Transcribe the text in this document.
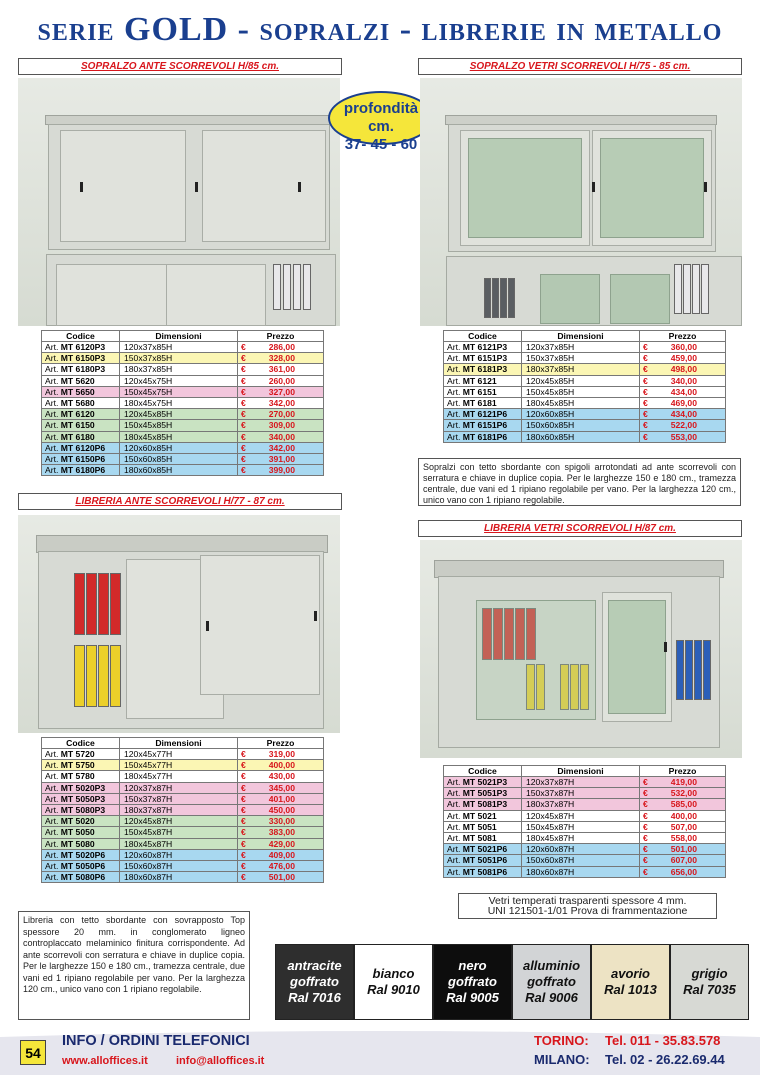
serie GOLD - sopralzi - librerie in metallo
SOPRALZO ANTE SCORREVOLI H/85 cm.	SOPRALZO VETRI SCORREVOLI H/75 - 85 cm.
profondità cm.
37- 45 - 60
Codice	Dimensioni	Prezzo
Art. MT 6120P3	120x37x85H	€ 286,00
Art. MT 6150P3	150x37x85H	€ 328,00
Art. MT 6180P3	180x37x85H	€ 361,00
Art. MT 5620	120x45x75H	€ 260,00
Art. MT 5650	150x45x75H	€ 327,00
Art. MT 5680	180x45x75H	€ 342,00
Art. MT 6120	120x45x85H	€ 270,00
Art. MT 6150	150x45x85H	€ 309,00
Art. MT 6180	180x45x85H	€ 340,00
Art. MT 6120P6	120x60x85H	€ 342,00
Art. MT 6150P6	150x60x85H	€ 391,00
Art. MT 6180P6	180x60x85H	€ 399,00
Codice	Dimensioni	Prezzo
Art. MT 6121P3	120x37x85H	€ 360,00
Art. MT 6151P3	150x37x85H	€ 459,00
Art. MT 6181P3	180x37x85H	€ 498,00
Art. MT 6121	120x45x85H	€ 340,00
Art. MT 6151	150x45x85H	€ 434,00
Art. MT 6181	180x45x85H	€ 469,00
Art. MT 6121P6	120x60x85H	€ 434,00
Art. MT 6151P6	150x60x85H	€ 522,00
Art. MT 6181P6	180x60x85H	€ 553,00
Sopralzi con tetto sbordante con spigoli arrotondati ad ante scorrevoli con serratura e chiave in duplice copia. Per le larghezze 150 e 180 cm., tramezza centrale, due vani ed 1 ripiano regolabile per vano. Per la larghezza 120 cm., unico vano con 1 ripiano regolabile.
LIBRERIA ANTE SCORREVOLI H/77 - 87 cm.
LIBRERIA VETRI SCORREVOLI H/87 cm.
Codice	Dimensioni	Prezzo
Art. MT 5720	120x45x77H	€ 319,00
Art. MT 5750	150x45x77H	€ 400,00
Art. MT 5780	180x45x77H	€ 430,00
Art. MT 5020P3	120x37x87H	€ 345,00
Art. MT 5050P3	150x37x87H	€ 401,00
Art. MT 5080P3	180x37x87H	€ 450,00
Art. MT 5020	120x45x87H	€ 330,00
Art. MT 5050	150x45x87H	€ 383,00
Art. MT 5080	180x45x87H	€ 429,00
Art. MT 5020P6	120x60x87H	€ 409,00
Art. MT 5050P6	150x60x87H	€ 476,00
Art. MT 5080P6	180x60x87H	€ 501,00
Codice	Dimensioni	Prezzo
Art. MT 5021P3	120x37x87H	€ 419,00
Art. MT 5051P3	150x37x87H	€ 532,00
Art. MT 5081P3	180x37x87H	€ 585,00
Art. MT 5021	120x45x87H	€ 400,00
Art. MT 5051	150x45x87H	€ 507,00
Art. MT 5081	180x45x87H	€ 558,00
Art. MT 5021P6	120x60x87H	€ 501,00
Art. MT 5051P6	150x60x87H	€ 607,00
Art. MT 5081P6	180x60x87H	€ 656,00
Vetri temperati trasparenti spessore 4 mm.
UNI 121501-1/01 Prova di frammentazione
Libreria con tetto sbordante con sovrapposto Top spessore 20 mm. in conglomerato ligneo controplaccato melaminico finitura corrispondente. Ad ante scorrevoli con serratura e chiave in duplice copia. Per le larghezze 150 e 180 cm., tramezza centrale, due vani ed 1 ripiano regolabile per vano. Per la larghezza 120 cm., unico vano con 1 ripiano regolabile.
antracite
goffrato
Ral 7016
bianco
Ral 9010
nero
goffrato
Ral 9005
alluminio
goffrato
Ral 9006
avorio
Ral 1013
grigio
Ral 7035
54
INFO / ORDINI TELEFONICI
www.alloffices.it	info@alloffices.it
TORINO: Tel. 011 - 35.83.578
MILANO: Tel. 02 - 26.22.69.44
